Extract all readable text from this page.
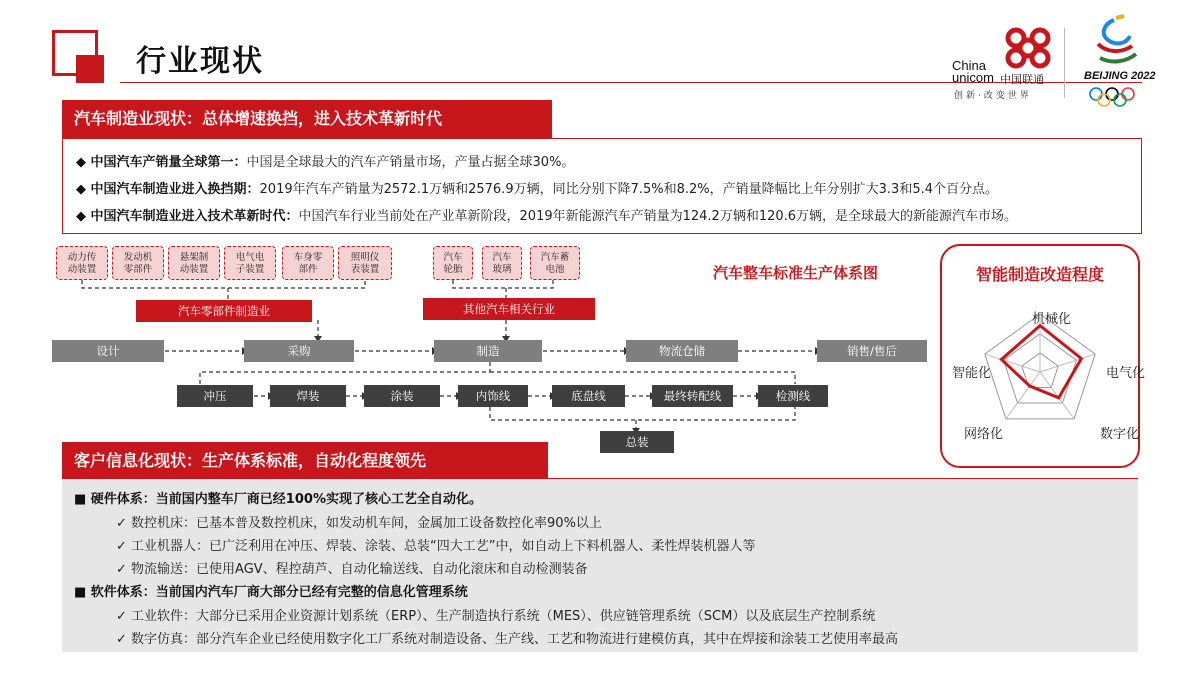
行业现状	China
unicom 中国联通
创新·改变世界
BEIJING 2022
汽车制造业现状：总体增速换挡，进入技术革新时代
◆ 中国汽车产销量全球第一：中国是全球最大的汽车产销量市场，产量占据全球30%。
◆ 中国汽车制造业进入换挡期：2019年汽车产销量为2572.1万辆和2576.9万辆，同比分别下降7.5%和8.2%，产销量降幅比上年分别扩大3.3和5.4个百分点。
◆ 中国汽车制造业进入技术革新时代：中国汽车行业当前处在产业革新阶段，2019年新能源汽车产销量为124.2万辆和120.6万辆，是全球最大的新能源汽车市场。
动力传
动装置
发动机
零部件
悬架制
动装置
电气电
子装置
车身零
部件
照明仪
表装置
汽车
轮胎
汽车
玻璃
汽车蓄
电池
汽车零部件制造业	其他汽车相关行业
汽车整车标准生产体系图
设计	采购	制造	物流仓储	销售/售后
冲压	焊装	涂装	内饰线	底盘线	最终转配线	检测线
总装
智能制造改造程度
机械化
电气化
数字化
网络化
智能化
客户信息化现状：生产体系标准，自动化程度领先
■ 硬件体系：当前国内整车厂商已经100%实现了核心工艺全自动化。
✓ 数控机床：已基本普及数控机床，如发动机车间，金属加工设备数控化率90%以上
✓ 工业机器人：已广泛利用在冲压、焊装、涂装、总装“四大工艺”中，如自动上下料机器人、柔性焊装机器人等
✓ 物流输送：已使用AGV、程控葫芦、自动化输送线、自动化滚床和自动检测装备
■ 软件体系：当前国内汽车厂商大部分已经有完整的信息化管理系统
✓ 工业软件：大部分已采用企业资源计划系统（ERP）、生产制造执行系统（MES）、供应链管理系统（SCM）以及底层生产控制系统
✓ 数字仿真：部分汽车企业已经使用数字化工厂系统对制造设备、生产线、工艺和物流进行建模仿真，其中在焊接和涂装工艺使用率最高
